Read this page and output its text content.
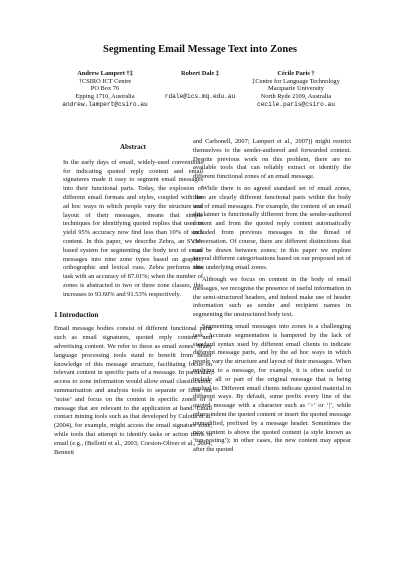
Segmenting Email Message Text into Zones
Andrew Lampert †‡
†CSIRO ICT Centre
PO Box 76
Epping 1710, Australia
andrew.lampert@csiro.au
Robert Dale ‡
rdale@ics.mq.edu.au
Cécile Paris †
‡Centre for Language Technology
Macquarie University
North Ryde 2109, Australia
cecile.paris@csiro.au
Abstract

In the early days of email, widely-used conventions for indicating quoted reply content and email signatures made it easy to segment email messages into their functional parts. Today, the explosion of different email formats and styles, coupled with the ad hoc ways in which people vary the structure and layout of their messages, means that simple techniques for identifying quoted replies that used to yield 95% accuracy now find less than 10% of such content. In this paper, we describe Zebra, an SVM-based system for segmenting the body text of email messages into nine zone types based on graphic, orthographic and lexical cues. Zebra performs this task with an accuracy of 87.01%; when the number of zones is abstracted to two or three zone classes, this increases to 93.60% and 91.53% respectively.

1 Introduction

Email message bodies consist of different functional parts such as email signatures, quoted reply content and advertising content. We refer to these as email zones. Many language processing tools stand to benefit from better knowledge of this message structure, facilitating focus on relevant content in specific parts of a message. In particular, access to zone information would allow email classification, summarisation and analysis tools to separate or filter out ‘noise’ and focus on the content in specific zones of a message that are relevant to the application at hand. Email contact mining tools such as that developed by Culotta et al. (2004), for example, might access the email signature zone, while tools that attempt to identify tasks or action items in email (e.g., (Bellotti et al., 2003; Corston-Oliver et al., 2004; Bennett

and Carbonell, 2007; Lampert et al., 2007)) might restrict themselves to the sender-authored and forwarded content. Despite previous work on this problem, there are no available tools that can reliably extract or identify the different functional zones of an email message.

While there is no agreed standard set of email zones, there are clearly different functional parts within the body text of email messages. For example, the content of an email disclaimer is functionally different from the sender-authored content and from the quoted reply content automatically included from previous messages in the thread of conversation. Of course, there are different distinctions that can be drawn between zones; in this paper we explore several different categorisations based on our proposed set of nine underlying email zones.

Although we focus on content in the body of email messages, we recognise the presence of useful information in the semi-structured headers, and indeed make use of header information such as sender and recipient names in segmenting the unstructured body text.

Segmenting email messages into zones is a challenging task. Accurate segmentation is hampered by the lack of standard syntax used by different email clients to indicate different message parts, and by the ad hoc ways in which people vary the structure and layout of their messages. When replying to a message, for example, it is often useful to include all or part of the original message that is being replied to. Different email clients indicate quoted material in different ways. By default, some prefix every line of the quoted message with a character such as ‘>’ or ‘|’, while others indent the quoted content or insert the quoted message unmodified, prefixed by a message header. Sometimes the new content is above the quoted content (a style known as ‘top-posting’); in other cases, the new content may appear after the quoted
